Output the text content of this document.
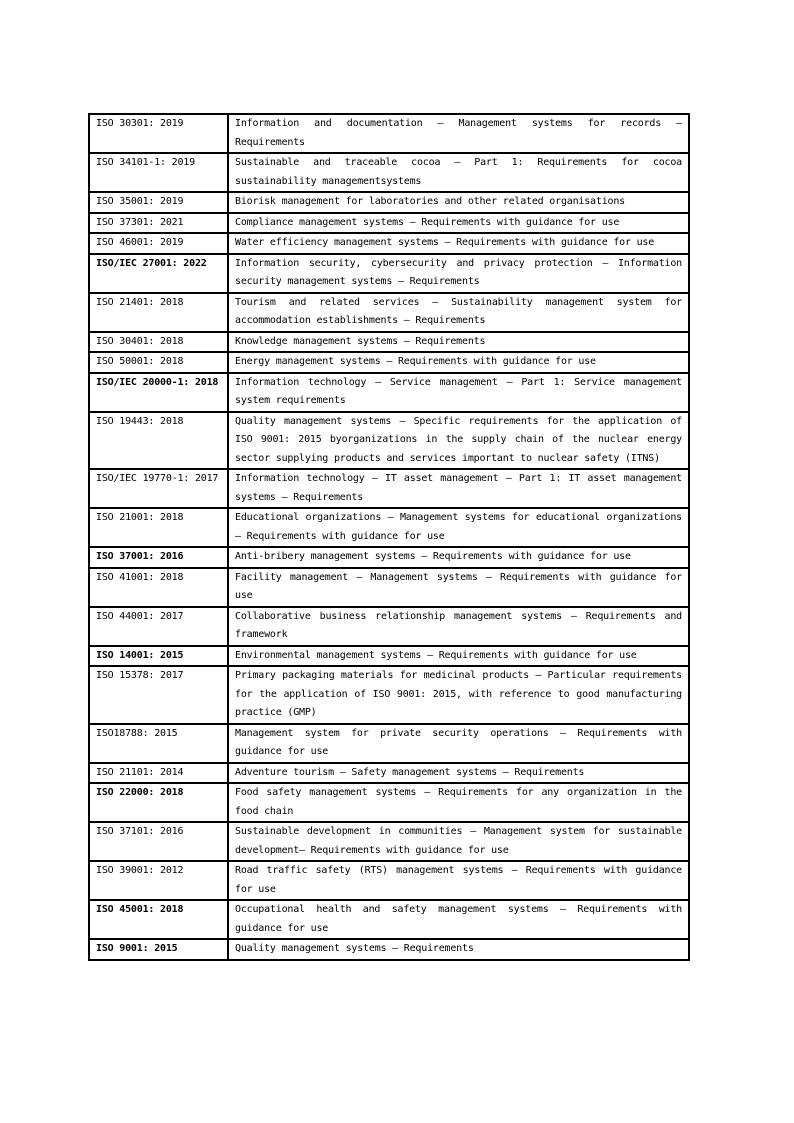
ISO 30301: 2019	Information and documentation — Management systems for records — Requirements
ISO 34101-1: 2019	Sustainable and traceable cocoa — Part 1: Requirements for cocoa sustainability managementsystems
ISO 35001: 2019	Biorisk management for laboratories and other related organisations
ISO 37301: 2021	Compliance management systems — Requirements with guidance for use
ISO 46001: 2019	Water efficiency management systems — Requirements with guidance for use
ISO/IEC 27001: 2022	Information security, cybersecurity and privacy protection — Information security management systems — Requirements
ISO 21401: 2018	Tourism and related services — Sustainability management system for accommodation establishments — Requirements
ISO 30401: 2018	Knowledge management systems — Requirements
ISO 50001: 2018	Energy management systems — Requirements with guidance for use
ISO/IEC 20000-1: 2018	Information technology — Service management — Part 1: Service management system requirements
ISO 19443: 2018	Quality management systems — Specific requirements for the application of ISO 9001: 2015 byorganizations in the supply chain of the nuclear energy sector supplying products and services important to nuclear safety (ITNS)
ISO/IEC 19770-1: 2017	Information technology — IT asset management — Part 1: IT asset management systems — Requirements
ISO 21001: 2018	Educational organizations — Management systems for educational organizations — Requirements with guidance for use
ISO 37001: 2016	Anti-bribery management systems — Requirements with guidance for use
ISO 41001: 2018	Facility management — Management systems — Requirements with guidance for use
ISO 44001: 2017	Collaborative business relationship management systems — Requirements and framework
ISO 14001: 2015	Environmental management systems — Requirements with guidance for use
ISO 15378: 2017	Primary packaging materials for medicinal products — Particular requirements for the application of ISO 9001: 2015, with reference to good manufacturing practice (GMP)
ISO18788: 2015	Management system for private security operations — Requirements with guidance for use
ISO 21101: 2014	Adventure tourism — Safety management systems — Requirements
ISO 22000: 2018	Food safety management systems — Requirements for any organization in the food chain
ISO 37101: 2016	Sustainable development in communities — Management system for sustainable development— Requirements with guidance for use
ISO 39001: 2012	Road traffic safety (RTS) management systems — Requirements with guidance for use
ISO 45001: 2018	Occupational health and safety management systems — Requirements with guidance for use
ISO 9001: 2015	Quality management systems — Requirements
